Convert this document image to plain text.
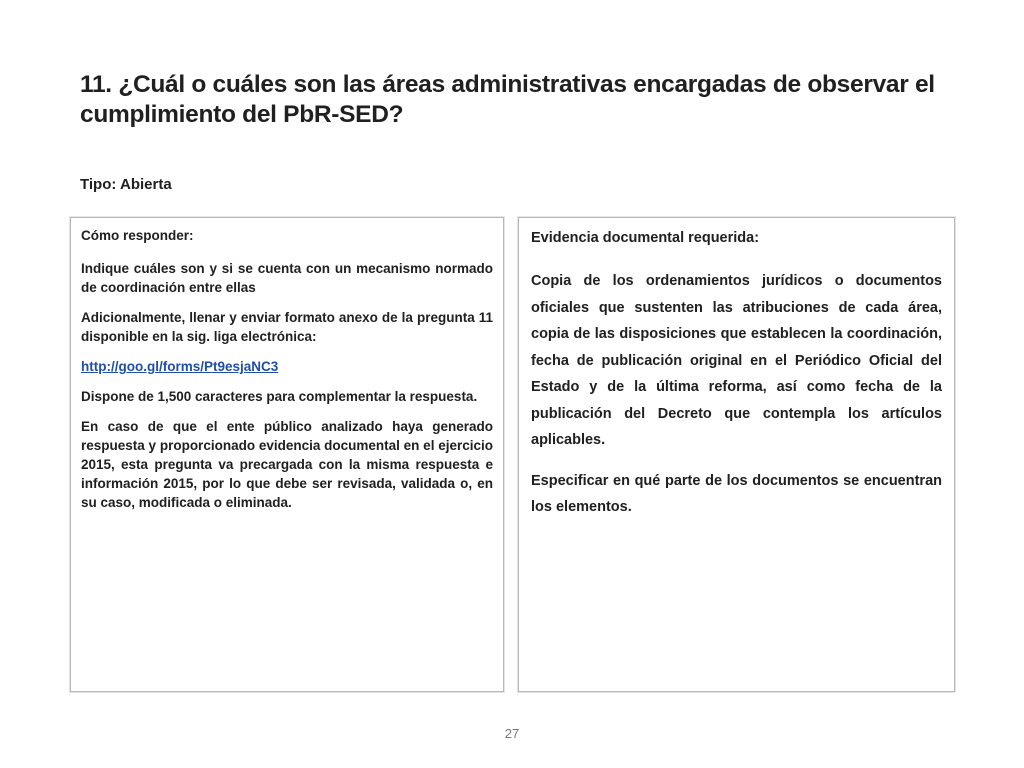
11. ¿Cuál o cuáles son las áreas administrativas encargadas de observar el cumplimiento del PbR-SED?
Tipo: Abierta
Cómo responder:

Indique cuáles son y si se cuenta con un mecanismo normado de coordinación entre ellas

Adicionalmente, llenar y enviar formato anexo de la pregunta 11 disponible en la sig. liga electrónica:

http://goo.gl/forms/Pt9esjaNC3

Dispone de 1,500 caracteres para complementar la respuesta.

En caso de que el ente público analizado haya generado respuesta y proporcionado evidencia documental en el ejercicio 2015, esta pregunta va precargada con la misma respuesta e información 2015, por lo que debe ser revisada, validada o, en su caso, modificada o eliminada.

Evidencia documental requerida:

Copia de los ordenamientos jurídicos o documentos oficiales que sustenten las atribuciones de cada área, copia de las disposiciones que establecen la coordinación, fecha de publicación original en el Periódico Oficial del Estado y de la última reforma, así como fecha de la publicación del Decreto que contempla los artículos aplicables.

Especificar en qué parte de los documentos se encuentran los elementos.

27
